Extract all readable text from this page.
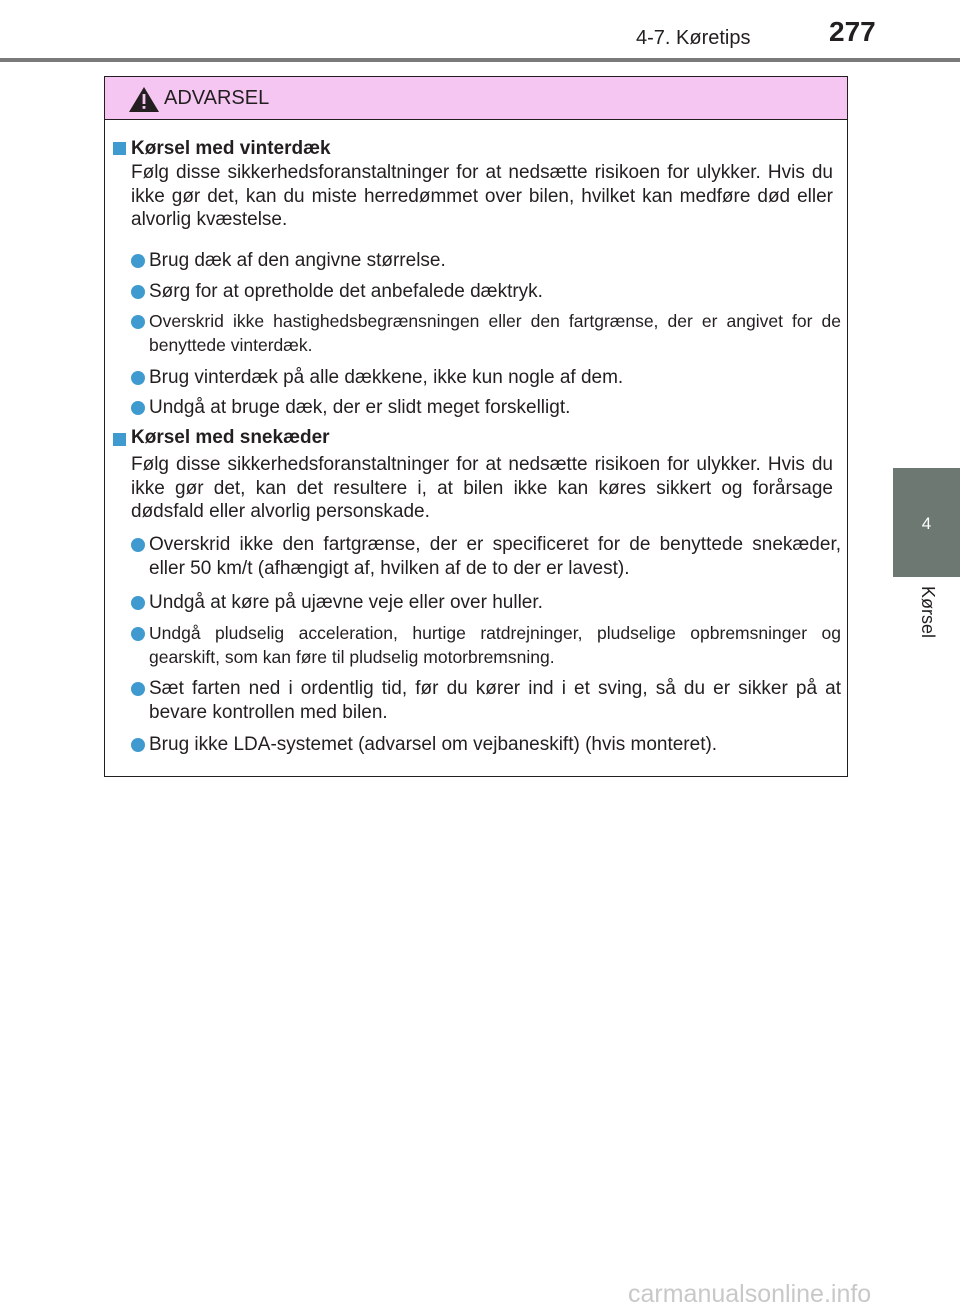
4-7. Køretips	277
4
Kørsel
ADVARSEL
Kørsel med vinterdæk

Følg disse sikkerhedsforanstaltninger for at nedsætte risikoen for ulykker. Hvis du ikke gør det, kan du miste herredømmet over bilen, hvilket kan medføre død eller alvorlig kvæstelse.

Brug dæk af den angivne størrelse.

Sørg for at opretholde det anbefalede dæktryk.

Overskrid ikke hastighedsbegrænsningen eller den fartgrænse, der er angivet for de benyttede vinterdæk.

Brug vinterdæk på alle dækkene, ikke kun nogle af dem.

Undgå at bruge dæk, der er slidt meget forskelligt.

Kørsel med snekæder

Følg disse sikkerhedsforanstaltninger for at nedsætte risikoen for ulykker. Hvis du ikke gør det, kan det resultere i, at bilen ikke kan køres sikkert og forårsage dødsfald eller alvorlig personskade.

Overskrid ikke den fartgrænse, der er specificeret for de benyttede snekæder, eller 50 km/t (afhængigt af, hvilken af de to der er lavest).

Undgå at køre på ujævne veje eller over huller.

Undgå pludselig acceleration, hurtige ratdrejninger, pludselige opbremsninger og gearskift, som kan føre til pludselig motorbremsning.

Sæt farten ned i ordentlig tid, før du kører ind i et sving, så du er sikker på at bevare kontrollen med bilen.

Brug ikke LDA-systemet (advarsel om vejbaneskift) (hvis monteret).

carmanualsonline.info
